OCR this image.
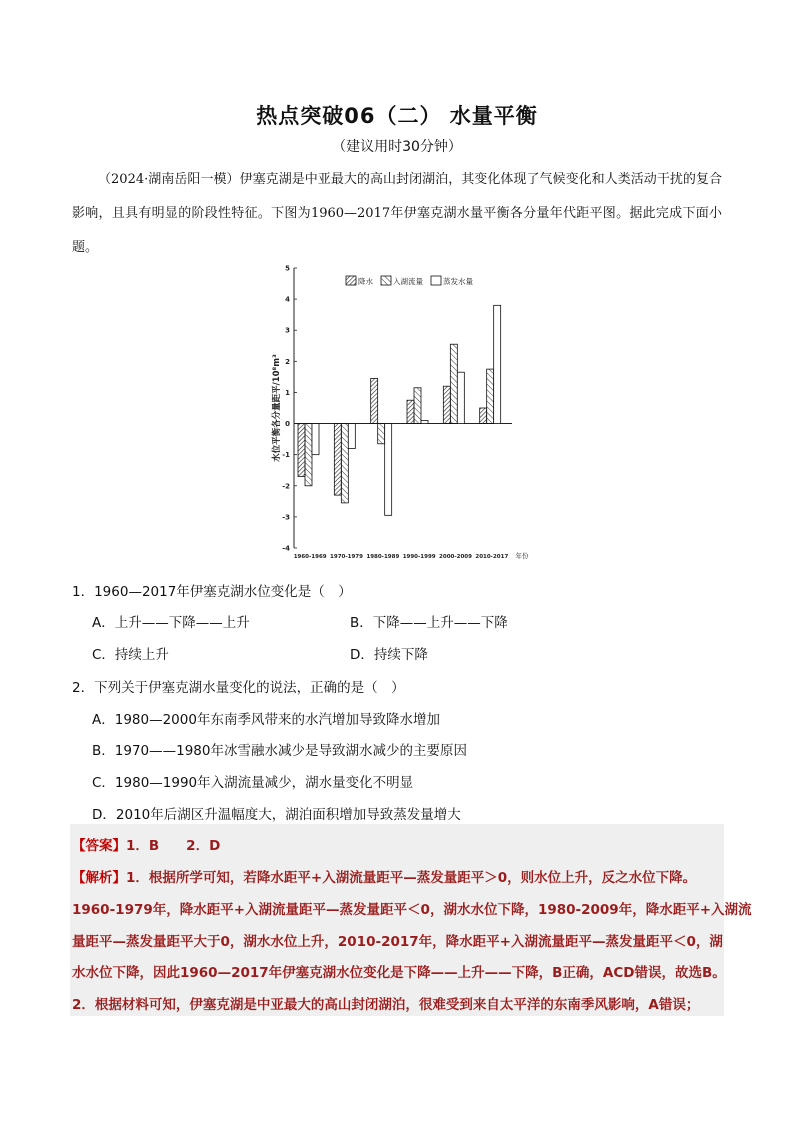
热点突破06（二） 水量平衡
（建议用时30分钟）
（2024·湖南岳阳一模）伊塞克湖是中亚最大的高山封闭湖泊，其变化体现了气候变化和人类活动干扰的复合影响，且具有明显的阶段性特征。下图为1960—2017年伊塞克湖水量平衡各分量年代距平图。据此完成下面小题。
-4
-3
-2
-1
0
1
2
3
4
5
1960-1969 1970-1979 1980-1989 1990-1999 2000-2009 2010-2017 年份
降水	入湖流量	蒸发水量
水位平衡各分量距平/10⁸m³
1．1960—2017年伊塞克湖水位变化是（　）
A．上升——下降——上升	B．下降——上升——下降
C．持续上升	D．持续下降
2．下列关于伊塞克湖水量变化的说法，正确的是（　）
A．1980—2000年东南季风带来的水汽增加导致降水增加
B．1970——1980年冰雪融水减少是导致湖水减少的主要原因
C．1980—1990年入湖流量减少，湖水量变化不明显
D．2010年后湖区升温幅度大，湖泊面积增加导致蒸发量增大
【答案】1．B　　2．D
【解析】1．根据所学可知，若降水距平+入湖流量距平—蒸发量距平＞0，则水位上升，反之水位下降。
1960-1979年，降水距平+入湖流量距平—蒸发量距平＜0，湖水水位下降，1980-2009年，降水距平+入湖流
量距平—蒸发量距平大于0，湖水水位上升，2010-2017年，降水距平+入湖流量距平—蒸发量距平＜0，湖
水水位下降，因此1960—2017年伊塞克湖水位变化是下降——上升——下降，B正确，ACD错误，故选B。
2．根据材料可知，伊塞克湖是中亚最大的高山封闭湖泊，很难受到来自太平洋的东南季风影响，A错误；
